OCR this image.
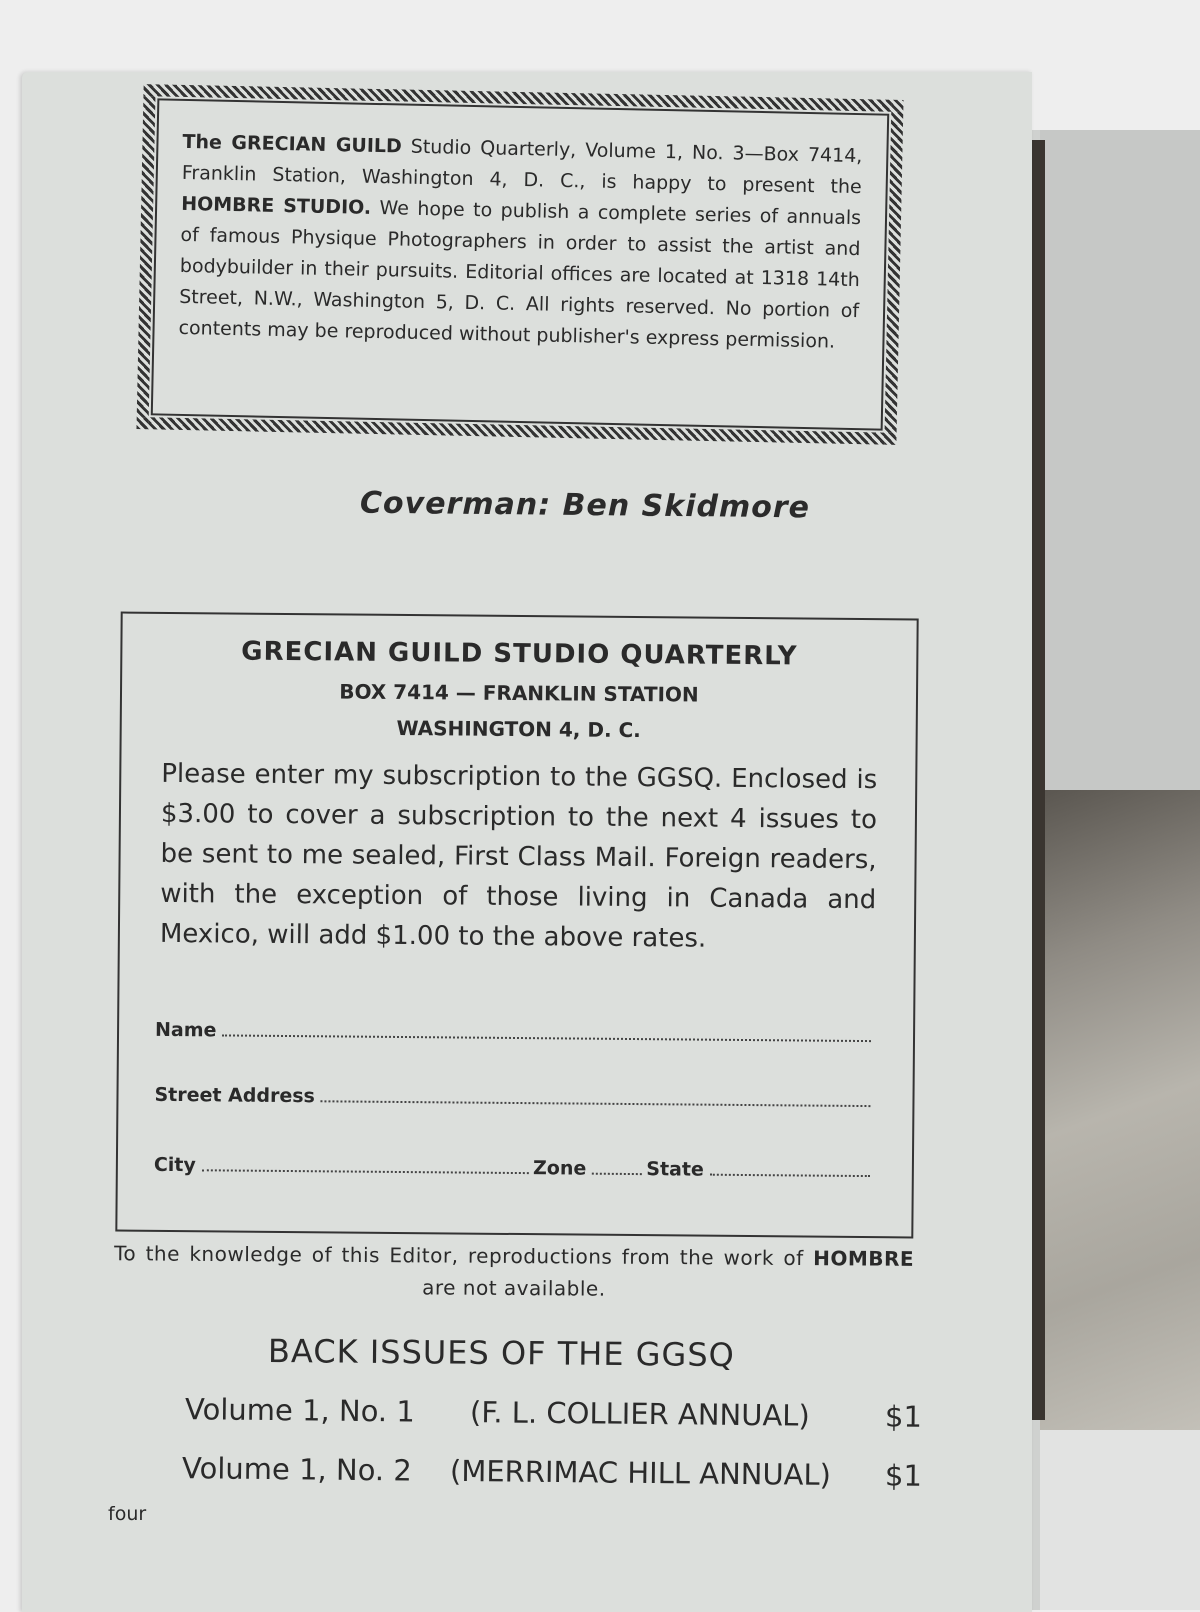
The GRECIAN GUILD Studio Quarterly, Volume 1, No. 3—Box 7414, Franklin Station, Washington 4, D. C., is happy to present the HOMBRE STUDIO. We hope to publish a complete series of annuals of famous Physique Photographers in order to assist the artist and bodybuilder in their pursuits. Editorial offices are located at 1318 14th Street, N.W., Washington 5, D. C. All rights reserved. No portion of contents may be reproduced without publisher's express permission.
Coverman: Ben Skidmore
GRECIAN GUILD STUDIO QUARTERLY
BOX 7414 — FRANKLIN STATION
WASHINGTON 4, D. C.

Please enter my subscription to the GGSQ. Enclosed is $3.00 to cover a subscription to the next 4 issues to be sent to me sealed, First Class Mail. Foreign readers, with the exception of those living in Canada and Mexico, will add $1.00 to the above rates.

Name
Street Address
City	Zone	State
To the knowledge of this Editor, reproductions from the work of HOMBRE are not available.
BACK ISSUES OF THE GGSQ
Volume 1, No. 1	(F. L. COLLIER ANNUAL)	$1
Volume 1, No. 2	(MERRIMAC HILL ANNUAL)	$1
four
